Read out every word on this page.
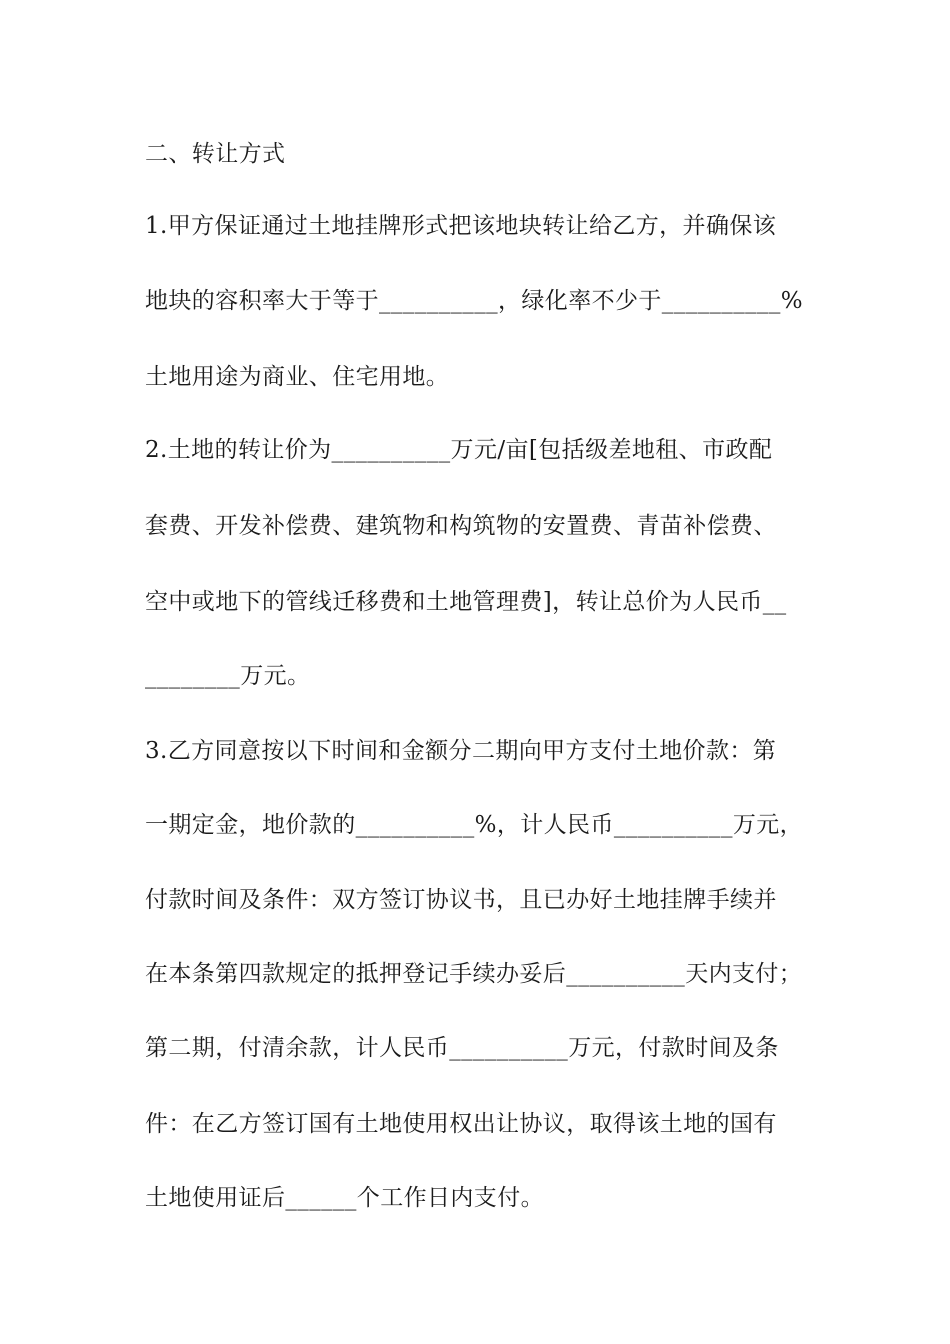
二、转让方式
1.甲方保证通过土地挂牌形式把该地块转让给乙方，并确保该
地块的容积率大于等于__________，绿化率不少于__________%
土地用途为商业、住宅用地。
2.土地的转让价为__________万元/亩[包括级差地租、市政配
套费、开发补偿费、建筑物和构筑物的安置费、青苗补偿费、
空中或地下的管线迁移费和土地管理费]，转让总价为人民币__
________万元。
3.乙方同意按以下时间和金额分二期向甲方支付土地价款：第
一期定金，地价款的__________%，计人民币__________万元，
付款时间及条件：双方签订协议书，且已办好土地挂牌手续并
在本条第四款规定的抵押登记手续办妥后__________天内支付；
第二期，付清余款，计人民币__________万元，付款时间及条
件：在乙方签订国有土地使用权出让协议，取得该土地的国有
土地使用证后______个工作日内支付。
